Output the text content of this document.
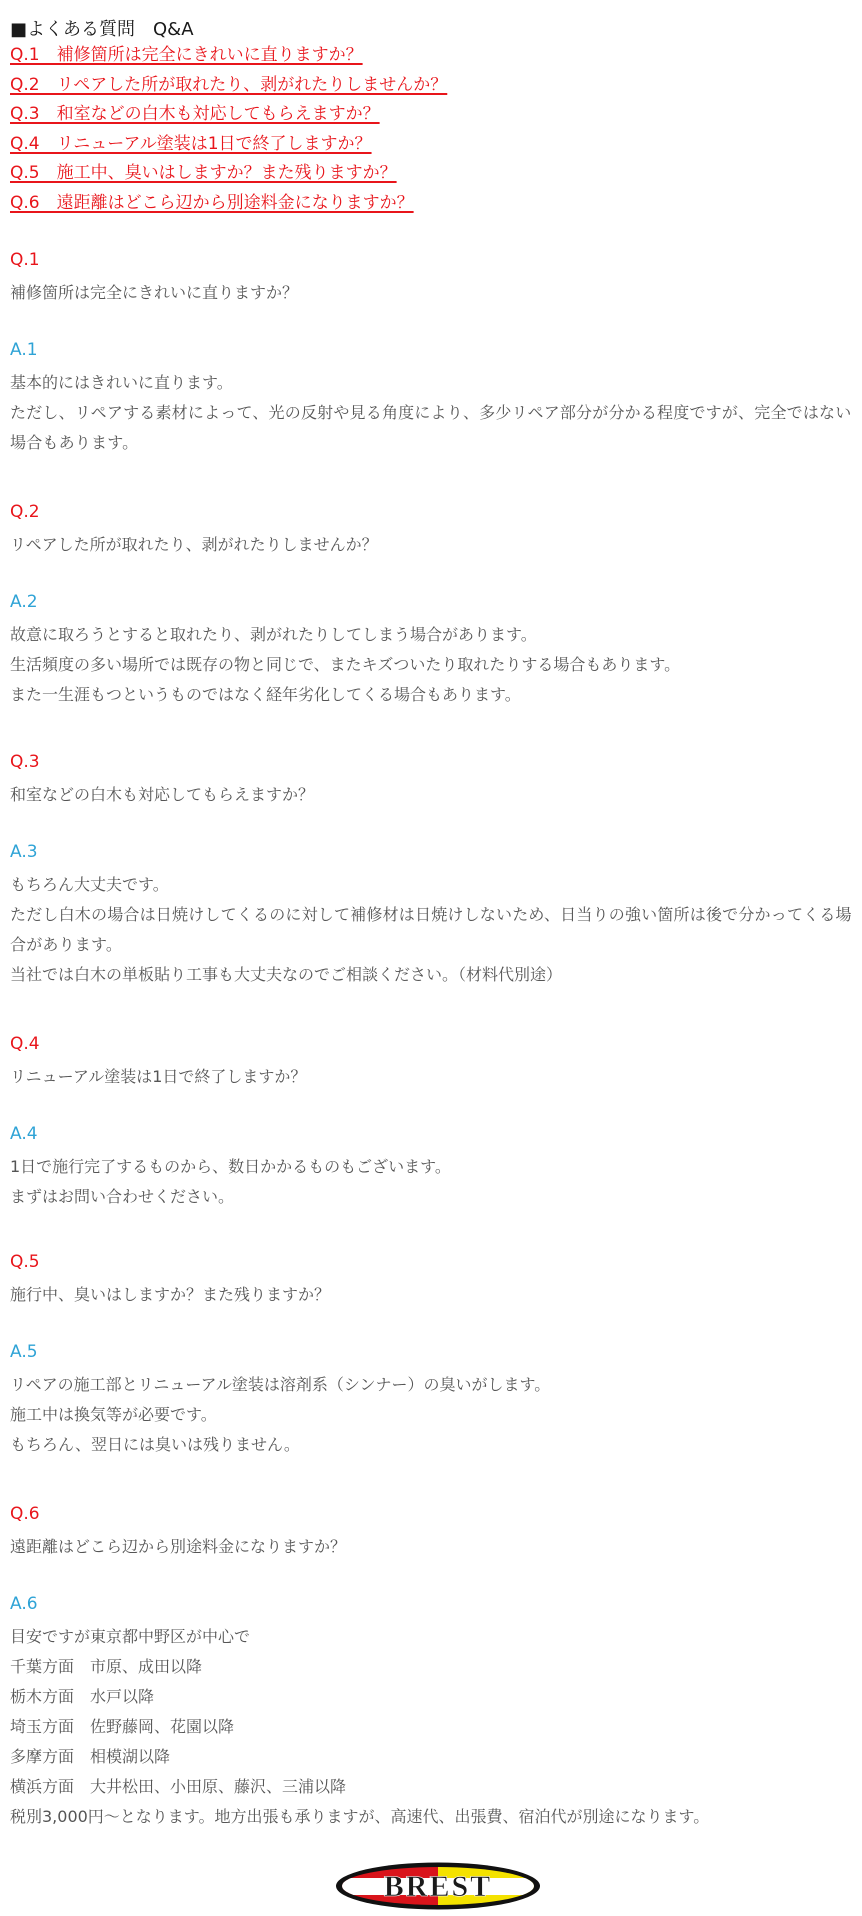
■よくある質問　Q&A
Q.1　補修箇所は完全にきれいに直りますか？
Q.2　リペアした所が取れたり、剥がれたりしませんか？
Q.3　和室などの白木も対応してもらえますか？
Q.4　リニューアル塗装は1日で終了しますか？
Q.5　施工中、臭いはしますか？また残りますか？
Q.6　遠距離はどこら辺から別途料金になりますか？
Q.1
補修箇所は完全にきれいに直りますか？
A.1
基本的にはきれいに直ります。
ただし、リペアする素材によって、光の反射や見る角度により、多少リペア部分が分かる程度ですが、完全ではない場合もあります。
Q.2
リペアした所が取れたり、剥がれたりしませんか？
A.2
故意に取ろうとすると取れたり、剥がれたりしてしまう場合があります。
生活頻度の多い場所では既存の物と同じで、またキズついたり取れたりする場合もあります。
また一生涯もつというものではなく経年劣化してくる場合もあります。
Q.3
和室などの白木も対応してもらえますか？
A.3
もちろん大丈夫です。
ただし白木の場合は日焼けしてくるのに対して補修材は日焼けしないため、日当りの強い箇所は後で分かってくる場合があります。
当社では白木の単板貼り工事も大丈夫なのでご相談ください。（材料代別途）
Q.4
リニューアル塗装は1日で終了しますか？
A.4
1日で施行完了するものから、数日かかるものもございます。
まずはお問い合わせください。
Q.5
施行中、臭いはしますか？また残りますか？
A.5
リペアの施工部とリニューアル塗装は溶剤系（シンナー）の臭いがします。
施工中は換気等が必要です。
もちろん、翌日には臭いは残りません。
Q.6
遠距離はどこら辺から別途料金になりますか？
A.6
目安ですが東京都中野区が中心で
千葉方面　市原、成田以降
栃木方面　水戸以降
埼玉方面　佐野藤岡、花園以降
多摩方面　相模湖以降
横浜方面　大井松田、小田原、藤沢、三浦以降
税別3,000円～となります。地方出張も承りますが、高速代、出張費、宿泊代が別途になります。
BREST
